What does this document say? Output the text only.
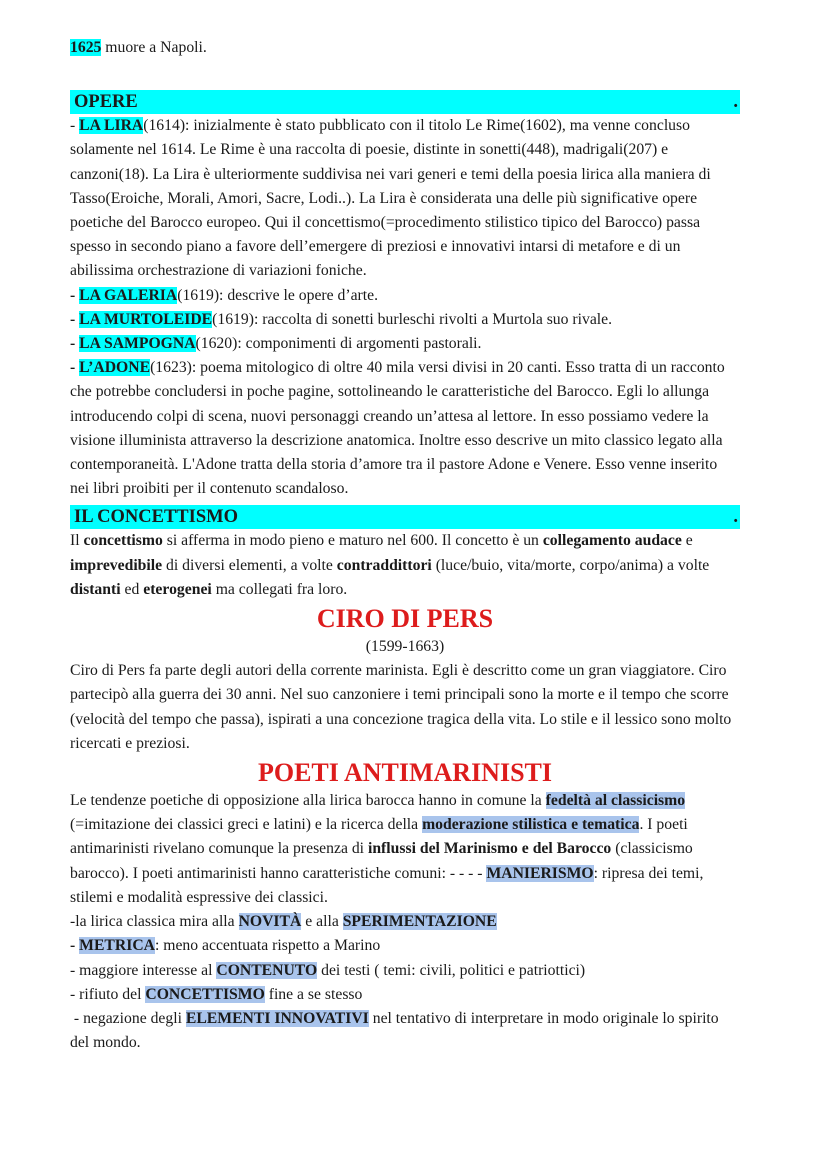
1625 muore a Napoli.

OPERE	.

- LA LIRA(1614): inizialmente è stato pubblicato con il titolo Le Rime(1602), ma venne concluso solamente nel 1614. Le Rime è una raccolta di poesie, distinte in sonetti(448), madrigali(207) e canzoni(18). La Lira è ulteriormente suddivisa nei vari generi e temi della poesia lirica alla maniera di Tasso(Eroiche, Morali, Amori, Sacre, Lodi..). La Lira è considerata una delle più significative opere poetiche del Barocco europeo. Qui il concettismo(=procedimento stilistico tipico del Barocco) passa spesso in secondo piano a favore dell’emergere di preziosi e innovativi intarsi di metafore e di un abilissima orchestrazione di variazioni foniche.

- LA GALERIA(1619): descrive le opere d’arte.

- LA MURTOLEIDE(1619): raccolta di sonetti burleschi rivolti a Murtola suo rivale.

- LA SAMPOGNA(1620): componimenti di argomenti pastorali.

- L’ADONE(1623): poema mitologico di oltre 40 mila versi divisi in 20 canti. Esso tratta di un racconto che potrebbe concludersi in poche pagine, sottolineando le caratteristiche del Barocco. Egli lo allunga introducendo colpi di scena, nuovi personaggi creando un’attesa al lettore. In esso possiamo vedere la visione illuminista attraverso la descrizione anatomica. Inoltre esso descrive un mito classico legato alla contemporaneità. L'Adone tratta della storia d’amore tra il pastore Adone e Venere. Esso venne inserito nei libri proibiti per il contenuto scandaloso.

IL CONCETTISMO	.

Il concettismo si afferma in modo pieno e maturo nel 600. Il concetto è un collegamento audace e imprevedibile di diversi elementi, a volte contraddittori (luce/buio, vita/morte, corpo/anima) a volte distanti ed eterogenei ma collegati fra loro.

CIRO DI PERS

(1599-1663)

Ciro di Pers fa parte degli autori della corrente marinista. Egli è descritto come un gran viaggiatore. Ciro partecipò alla guerra dei 30 anni. Nel suo canzoniere i temi principali sono la morte e il tempo che scorre (velocità del tempo che passa), ispirati a una concezione tragica della vita. Lo stile e il lessico sono molto ricercati e preziosi.

POETI ANTIMARINISTI

Le tendenze poetiche di opposizione alla lirica barocca hanno in comune la fedeltà al classicismo (=imitazione dei classici greci e latini) e la ricerca della moderazione stilistica e tematica. I poeti antimarinisti rivelano comunque la presenza di influssi del Marinismo e del Barocco (classicismo barocco). I poeti antimarinisti hanno caratteristiche comuni: - - - - MANIERISMO: ripresa dei temi, stilemi e modalità espressive dei classici.

-la lirica classica mira alla NOVITÀ e alla SPERIMENTAZIONE

- METRICA: meno accentuata rispetto a Marino

- maggiore interesse al CONTENUTO dei testi ( temi: civili, politici e patriottici)

- rifiuto del CONCETTISMO fine a se stesso

- negazione degli ELEMENTI INNOVATIVI nel tentativo di interpretare in modo originale lo spirito del mondo.
